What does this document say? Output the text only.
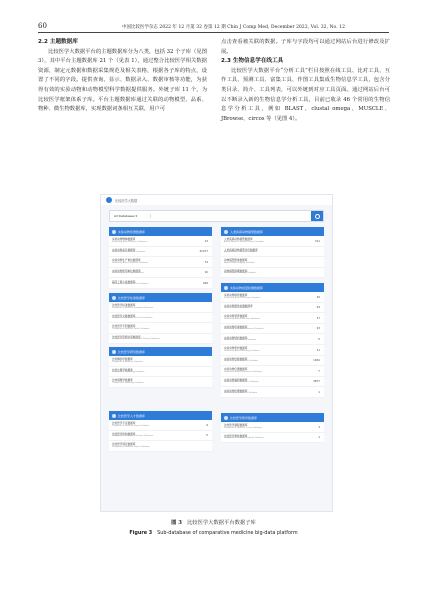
60	中国比较医学杂志 2022 年 12 月第 32 卷第 12 期 Chin J Comp Med, December 2022, Vol. 32, No. 12

2.2 主题数据库

比较医学大数据平台的主题数据库分为八类，包括 32 个子库（见图 3），其中平台主题数据库 21 个（见表 1），通过整合比较医学相关数据资源，制定元数据和数据采集规范及相关表格，根据各子库的特点，设置了不同的字段。提供查询、显示、数据录入、数据审核等功能，为获得有效的实验动物和动物模型科学数据提供服务。外链子库 11 个，为比较医学框架体系子库。平台主题数据库通过关联的动物模型、品系、物种、微生物数据库，实现数据词条相互关联，用户可

点击查看被关联的数据。子库与字段均可以通过网站后台进行修改及扩展。

2.3 生物信息学在线工具

比较医学大数据平台“分析工具”栏目按照在线工具、比对工具、互作工具、预测工具、富集工具、作图工具集成生物信息学工具，包含分类目录、简介、工具列表，可以外链到对应工具页面。通过网站后台可以不断录入新的生物信息学分析工具，目前已收录 46 个常用的生物信息学分析工具，例如 BLAST、clustal omega、MUSCLE、JBrowse、circos 等（见图 4）。

比较医学大数据
All Databases ▾
实验动物资源数据库
实验动物物种数据库
Laboratory Animal Species Database	13
实验动物品系数据库
Laboratory Animal Strain Database	41077
实验动物生产单位数据库
Laboratory Animal Producer Database	74
实验动物使用单位数据库
Laboratory Animal User Database	10
基因工程小鼠数据库
Genetically Engineered Mice Database	464
人类疾病动物模型数据库
人类疾病动物模型数据库
Animal Model of Human Disease Database	311
人类疾病动物模型评价数据库
Animal Model Evaluation Database
动物模型影像数据库
Animal Model Imaging Database
动物模型病理数据库
Animal Model Pathology Database
比较医学标准数据库
比较医学标准数据库
Comparative Medicine Standards Database
比较医学文献数据库
Comparative Medicine Literature Database
比较医学专利数据库
Comparative Medicine Patent Database
比较医学资源共享数据库
Comparative Medicine Resource Sharing Database
实验动物质量检测数据库
实验动物病原数据库
Laboratory Animal Pathogen Database	32
实验动物遗传检测数据库
Genetic Testing Database	24
实验动物营养数据库
Laboratory Animal Nutrition Database	17
实验动物环境数据库
Laboratory Animal Environment Database	23
实验动物饲料数据库
Laboratory Animal Feed Database	5
实验动物垫料数据库
Laboratory Animal Bedding Database	11
实验动物设施数据库
Laboratory Animal Facility Database	1061
实验动物仪器数据库
Laboratory Animal Instrument Database	7
实验动物福利数据库
Laboratory Animal Welfare Database	4877
实验动物伦理数据库
Laboratory Animal Ethics Database	1
比较医学研究数据库
比较解剖学数据库
Comparative Anatomy Database
比较生理学数据库
Comparative Physiology Database
比较病理学数据库
Comparative Pathology Database
比较医学人才数据库
比较医学专家数据库
Comparative Medicine Expert Database	9
比较医学机构数据库
Comparative Medicine Institution Database	5
比较医学项目数据库
Comparative Medicine Project Database
比较医学教育数据库
比较医学课程数据库
Comparative Medicine Course Database	3
比较医学教材数据库
Comparative Medicine Textbook Database	1
图 3 比较医学大数据平台数据子库
Figure 3 Sub-database of comparative medicine big-data platform
